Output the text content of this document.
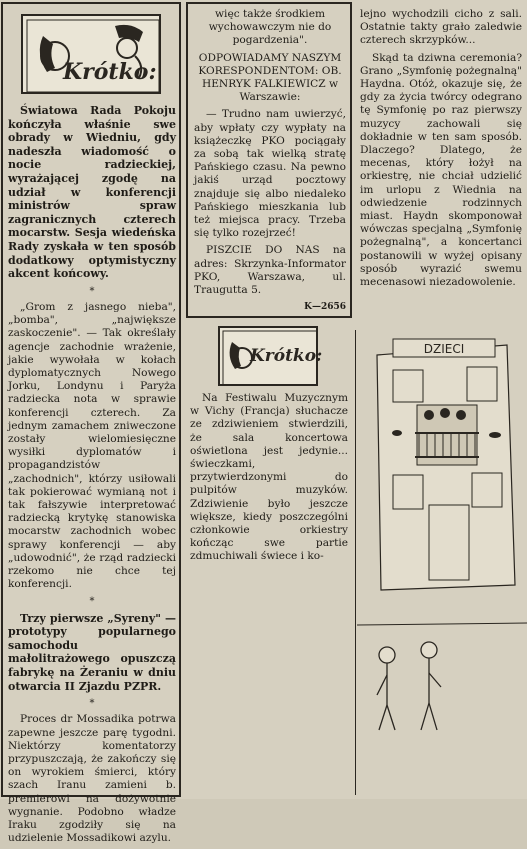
Krótko:

Światowa Rada Pokoju kończyła właśnie swe obrady w Wiedniu, gdy nadeszła wiadomość o nocie radzieckiej, wyrażającej zgodę na udział w konferencji ministrów spraw zagranicznych czterech mocarstw. Sesja wiedeńska Rady zyskała w ten sposób dodatkowy optymistyczny akcent końcowy.

*

„Grom z jasnego nieba", „bomba", „największe zaskoczenie". — Tak określały agencje zachodnie wrażenie, jakie wywołała w kołach dyplomatycznych Nowego Jorku, Londynu i Paryża radziecka nota w sprawie konferencji czterech. Za jednym zamachem zniweczone zostały wielomiesięczne wysiłki dyplomatów i propagandzistów „zachodnich", którzy usiłowali tak pokierować wymianą not i tak fałszywie interpretować radziecką krytykę stanowiska mocarstw zachodnich wobec sprawy konferencji — aby „udowodnić", że rząd radziecki rzekomo nie chce tej konferencji.

*

Trzy pierwsze „Syreny" — prototypy popularnego samochodu małolitrażowego opuszczą fabrykę na Żeraniu w dniu otwarcia II Zjazdu PZPR.

*

Proces dr Mossadika potrwa zapewne jeszcze parę tygodni. Niektórzy komentatorzy przypuszczają, że zakończy się on wyrokiem śmierci, który szach Iranu zamieni b. premierowi na dożywotnie wygnanie. Podobno władze Iraku zgodziły się na udzielenie Mossadikowi azylu.

więc także środkiem wychowawczym nie do pogardzenia".

ODPOWIADAMY NASZYM KORESPONDENTOM: OB. HENRYK FALKIEWICZ w Warszawie:

— Trudno nam uwierzyć, aby wpłaty czy wypłaty na książeczkę PKO pociągały za sobą tak wielką stratę Pańskiego czasu. Na pewno jakiś urząd pocztowy znajduje się albo niedaleko Pańskiego mieszkania lub też miejsca pracy. Trzeba się tylko rozejrzeć!

PISZCIE DO NAS na adres: Skrzynka-Informator PKO, Warszawa, ul. Traugutta 5.

K—2656
Krótko:

Na Festiwalu Muzycznym w Vichy (Francja) słuchacze ze zdziwieniem stwierdzili, że sala koncertowa oświetlona jest jedynie... świeczkami, przytwierdzonymi do pulpitów muzyków. Zdziwienie było jeszcze większe, kiedy poszczególni członkowie orkiestry kończąc swe partie zdmuchiwali świece i ko-

lejno wychodzili cicho z sali. Ostatnie takty grało zaledwie czterech skrzypków...

Skąd ta dziwna ceremonia? Grano „Symfonię pożegnalną" Haydna. Otóż, okazuje się, że gdy za życia twórcy odegrano tę Symfonię po raz pierwszy muzycy zachowali się dokładnie w ten sam sposób. Dlaczego? Dlatego, że mecenas, który łożył na orkiestrę, nie chciał udzielić im urlopu z Wiednia na odwiedzenie rodzinnych miast. Haydn skomponował wówczas specjalną „Symfonię pożegnalną", a koncertanci postanowili w wyżej opisany sposób wyrazić swemu mecenasowi niezadowolenie.

DZIECI
